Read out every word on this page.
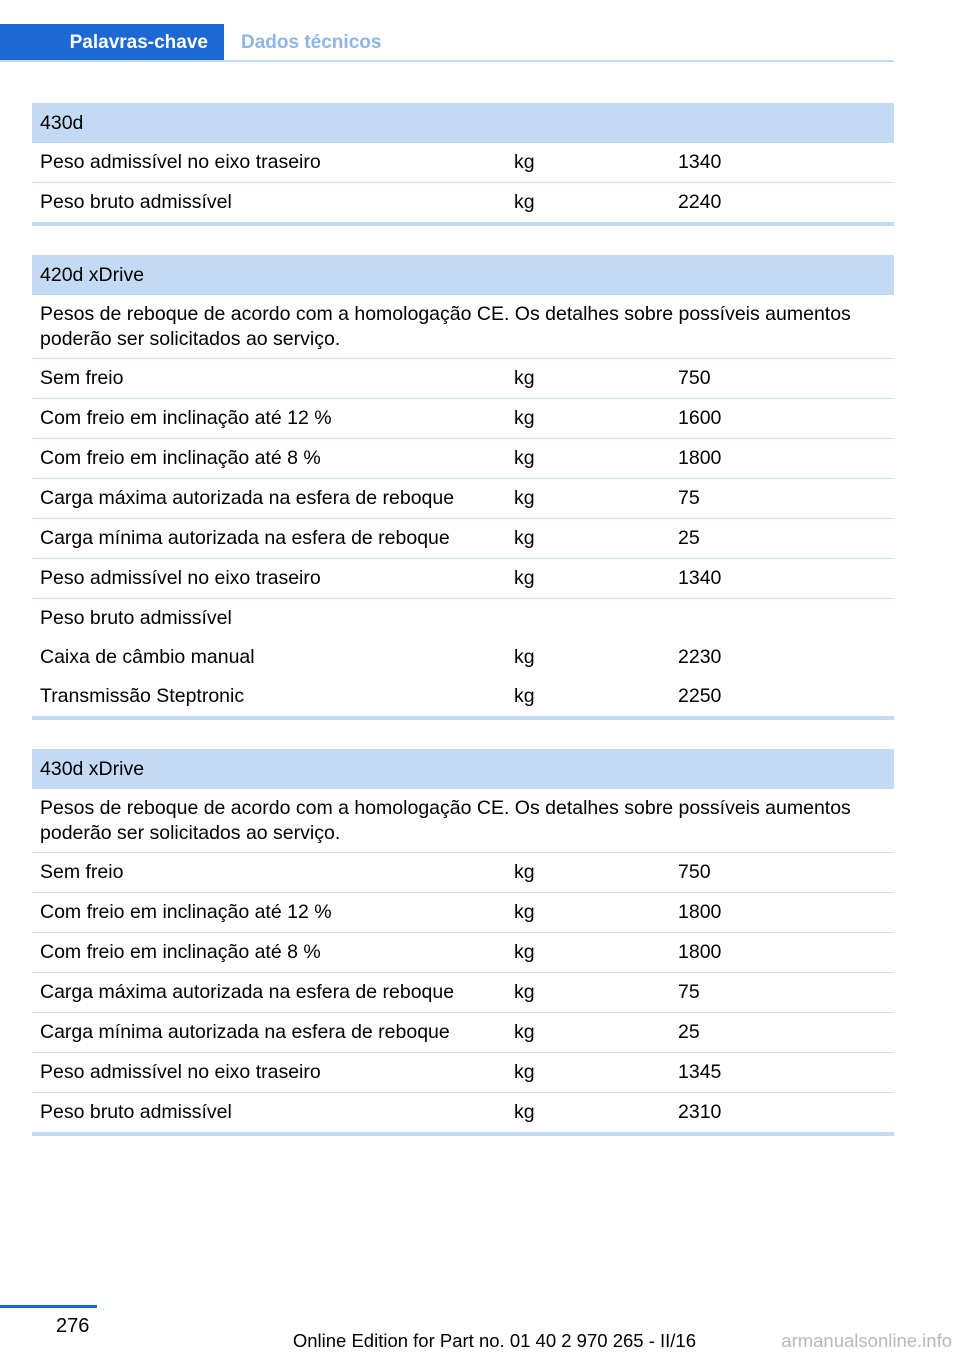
Palavras-chave Dados técnicos
430d
Peso admissível no eixo traseiro	kg	1340
Peso bruto admissível	kg	2240
420d xDrive
Pesos de reboque de acordo com a homologação CE. Os detalhes sobre possíveis aumentos poderão ser solicitados ao serviço.
Sem freio	kg	750
Com freio em inclinação até 12 %	kg	1600
Com freio em inclinação até 8 %	kg	1800
Carga máxima autorizada na esfera de reboque	kg	75
Carga mínima autorizada na esfera de reboque	kg	25
Peso admissível no eixo traseiro	kg	1340
Peso bruto admissível
Caixa de câmbio manual	kg	2230
Transmissão Steptronic	kg	2250
430d xDrive
Pesos de reboque de acordo com a homologação CE. Os detalhes sobre possíveis aumentos poderão ser solicitados ao serviço.
Sem freio	kg	750
Com freio em inclinação até 12 %	kg	1800
Com freio em inclinação até 8 %	kg	1800
Carga máxima autorizada na esfera de reboque	kg	75
Carga mínima autorizada na esfera de reboque	kg	25
Peso admissível no eixo traseiro	kg	1345
Peso bruto admissível	kg	2310
276
Online Edition for Part no. 01 40 2 970 265 - II/16	armanualsonline.info
